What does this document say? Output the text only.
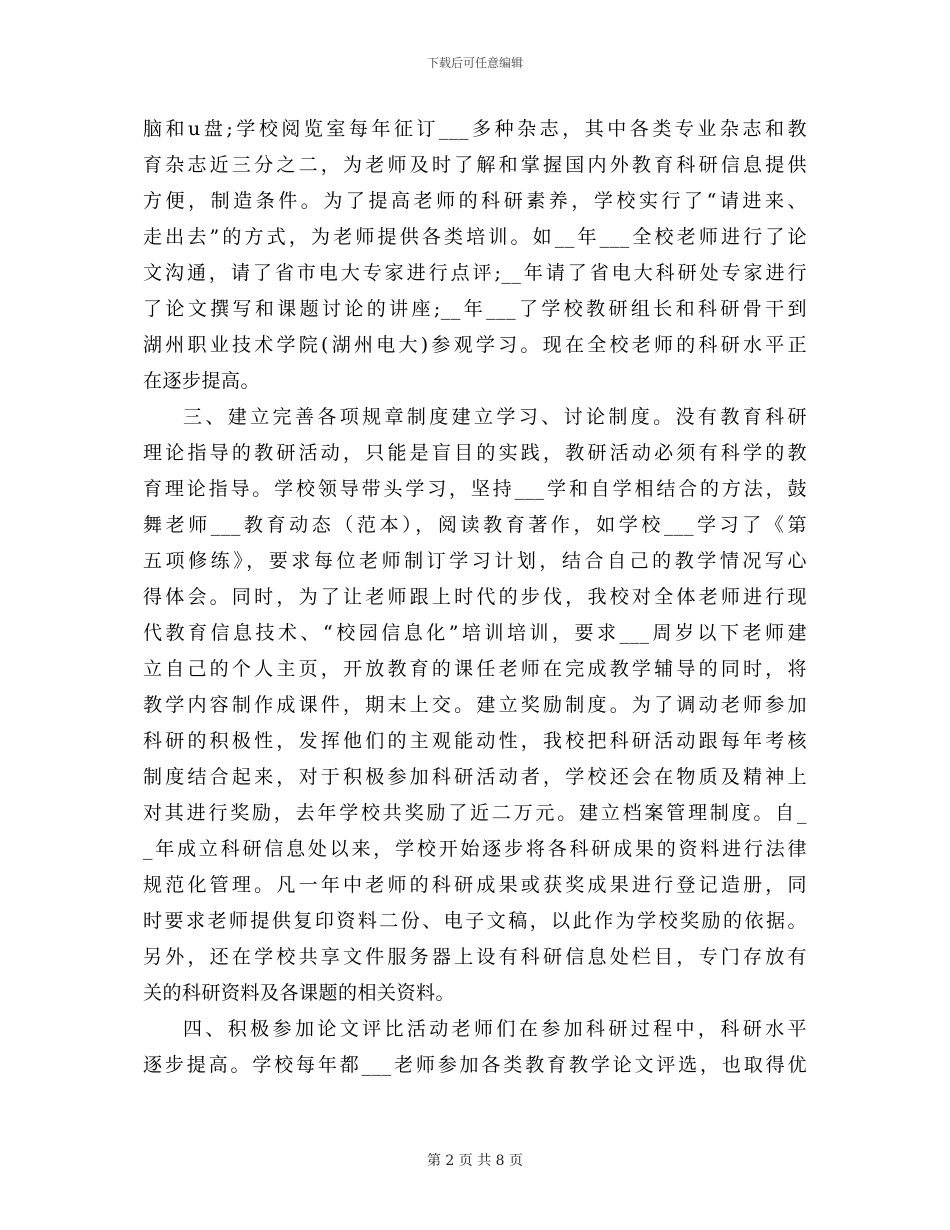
下载后可任意编辑
脑和u盘;学校阅览室每年征订___多种杂志，其中各类专业杂志和教
育杂志近三分之二，为老师及时了解和掌握国内外教育科研信息提供
方便，制造条件。为了提高老师的科研素养，学校实行了“请进来、
走出去”的方式，为老师提供各类培训。如__年___全校老师进行了论
文沟通，请了省市电大专家进行点评;__年请了省电大科研处专家进行
了论文撰写和课题讨论的讲座;__年___了学校教研组长和科研骨干到
湖州职业技术学院(湖州电大)参观学习。现在全校老师的科研水平正
在逐步提高。
三、建立完善各项规章制度建立学习、讨论制度。没有教育科研
理论指导的教研活动，只能是盲目的实践，教研活动必须有科学的教
育理论指导。学校领导带头学习，坚持___学和自学相结合的方法，鼓
舞老师___教育动态（范本），阅读教育著作，如学校___学习了《第
五项修练》，要求每位老师制订学习计划，结合自己的教学情况写心
得体会。同时，为了让老师跟上时代的步伐，我校对全体老师进行现
代教育信息技术、“校园信息化”培训培训，要求___周岁以下老师建
立自己的个人主页，开放教育的课任老师在完成教学辅导的同时，将
教学内容制作成课件，期末上交。建立奖励制度。为了调动老师参加
科研的积极性，发挥他们的主观能动性，我校把科研活动跟每年考核
制度结合起来，对于积极参加科研活动者，学校还会在物质及精神上
对其进行奖励，去年学校共奖励了近二万元。建立档案管理制度。自_
_年成立科研信息处以来，学校开始逐步将各科研成果的资料进行法律
规范化管理。凡一年中老师的科研成果或获奖成果进行登记造册，同
时要求老师提供复印资料二份、电子文稿，以此作为学校奖励的依据。
另外，还在学校共享文件服务器上设有科研信息处栏目，专门存放有
关的科研资料及各课题的相关资料。
四、积极参加论文评比活动老师们在参加科研过程中，科研水平
逐步提高。学校每年都___老师参加各类教育教学论文评选，也取得优
第 2 页 共 8 页
